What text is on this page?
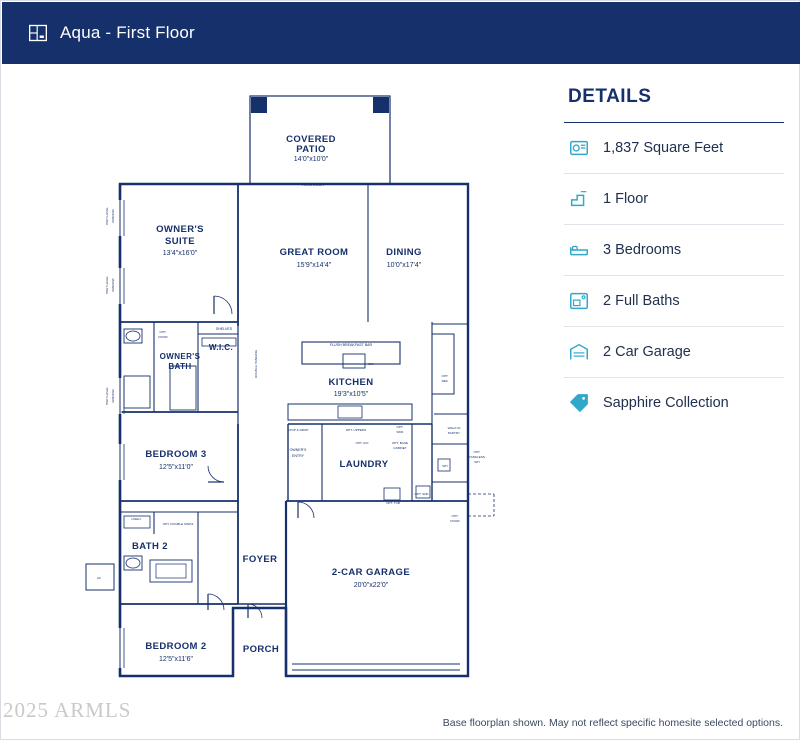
Aqua - First Floor
COVERED
PATIO
14'0"x10'0"
OWNER'S
SUITE
13'4"x16'0"	GREAT ROOM
15'9"x14'4"
DINING
10'0"x17'4"
W.I.C.
OWNER'S
BATH
KITCHEN
19'3"x10'5"
BEDROOM 3
12'5"x11'0"	LAUNDRY
BATH 2
FOYER
2-CAR GARAGE
20'0"x22'0"
BEDROOM 2
12'5"x11'6"
PORCH
PATIO DOOR
HIGH LEVEL WINDOW
HIGH LEVEL WINDOW
HIGH LEVEL WINDOW
SHELVES
OPT.
DOOR
DOUBLE HANGING
FLUSH BREAKFAST BAR
DW
OPT.
REF.
WALK-IN
PANTRY
STOP & DROP	OPT. UPPERS
OPT.
SINK
OPT. A/O	OPT. BASE
CABINET
OWNER'S
ENTRY
OPT.
TANKLESS
WH
WH
OPT. TUB
OPT. SNK.
OPT.
DOOR
LINEN
OPT. DOUBLE SINKS
AC
DETAILS
1,837 Square Feet
1 Floor
3 Bedrooms
2 Full Baths
2 Car Garage
Sapphire Collection
2025 ARMLS
Base floorplan shown. May not reflect specific homesite selected options.
